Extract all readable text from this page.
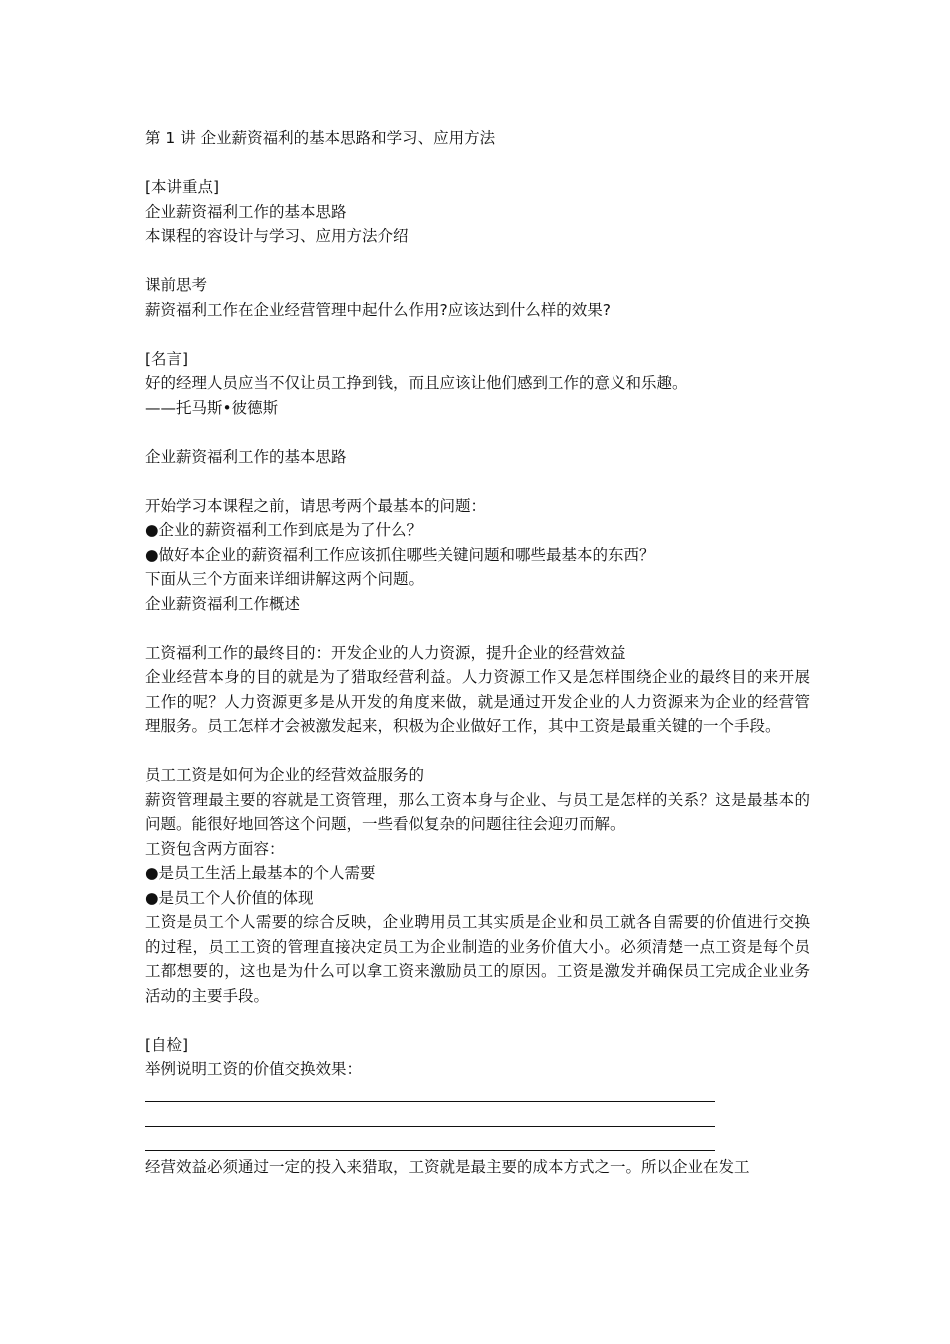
第 1 讲 企业薪资福利的基本思路和学习、应用方法
[本讲重点]
企业薪资福利工作的基本思路
本课程的容设计与学习、应用方法介绍
课前思考
薪资福利工作在企业经营管理中起什么作用?应该达到什么样的效果?
[名言]
好的经理人员应当不仅让员工挣到钱，而且应该让他们感到工作的意义和乐趣。
——托马斯•彼德斯
企业薪资福利工作的基本思路
开始学习本课程之前，请思考两个最基本的问题：
●企业的薪资福利工作到底是为了什么？
●做好本企业的薪资福利工作应该抓住哪些关键问题和哪些最基本的东西？
下面从三个方面来详细讲解这两个问题。
企业薪资福利工作概述
工资福利工作的最终目的：开发企业的人力资源，提升企业的经营效益
企业经营本身的目的就是为了猎取经营利益。人力资源工作又是怎样围绕企业的最终目的来开展工作的呢？人力资源更多是从开发的角度来做，就是通过开发企业的人力资源来为企业的经营管理服务。员工怎样才会被激发起来，积极为企业做好工作，其中工资是最重关键的一个手段。
员工工资是如何为企业的经营效益服务的
薪资管理最主要的容就是工资管理，那么工资本身与企业、与员工是怎样的关系？这是最基本的问题。能很好地回答这个问题，一些看似复杂的问题往往会迎刃而解。
工资包含两方面容：
●是员工生活上最基本的个人需要
●是员工个人价值的体现
工资是员工个人需要的综合反映，企业聘用员工其实质是企业和员工就各自需要的价值进行交换的过程，员工工资的管理直接决定员工为企业制造的业务价值大小。必须清楚一点工资是每个员工都想要的，这也是为什么可以拿工资来激励员工的原因。工资是激发并确保员工完成企业业务活动的主要手段。
[自检]
举例说明工资的价值交换效果：
经营效益必须通过一定的投入来猎取，工资就是最主要的成本方式之一。所以企业在发工
